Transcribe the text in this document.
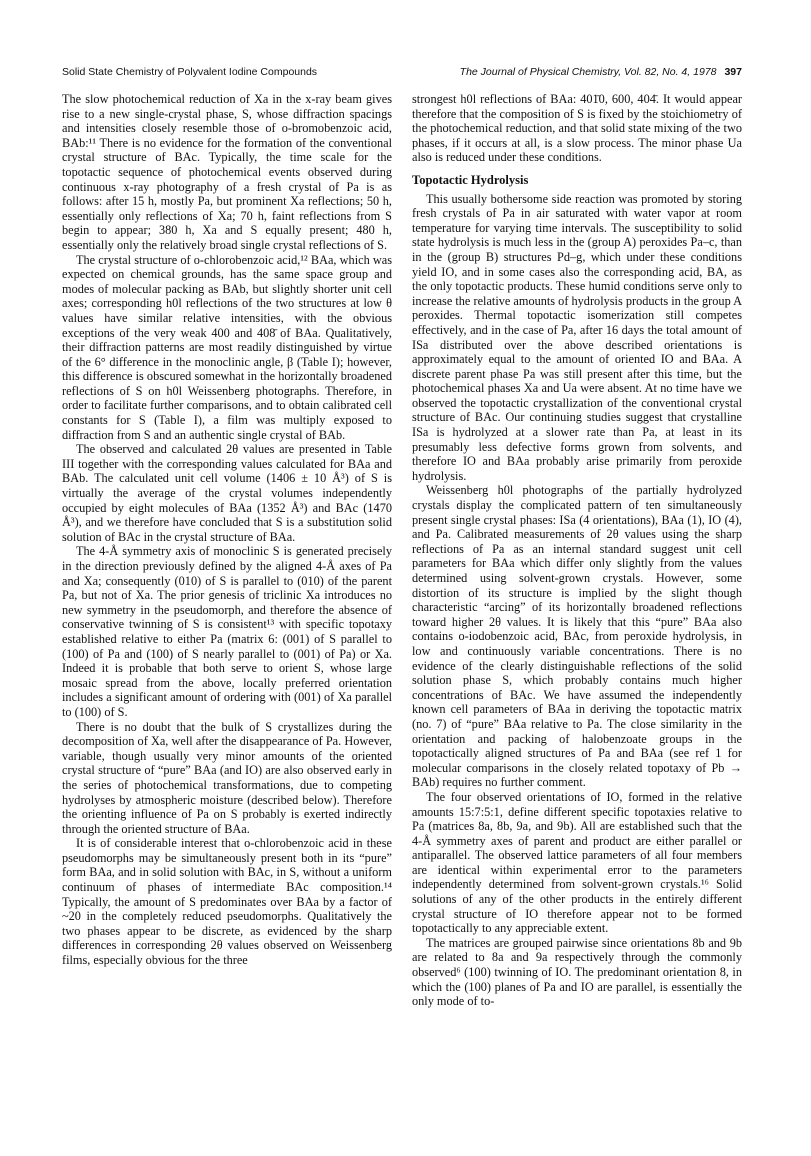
Solid State Chemistry of Polyvalent Iodine Compounds	The Journal of Physical Chemistry, Vol. 82, No. 4, 1978 397

The slow photochemical reduction of Xa in the x-ray beam gives rise to a new single-crystal phase, S, whose diffraction spacings and intensities closely resemble those of o-bromobenzoic acid, BAb:¹¹ There is no evidence for the formation of the conventional crystal structure of BAc. Typically, the time scale for the topotactic sequence of photochemical events observed during continuous x-ray photography of a fresh crystal of Pa is as follows: after 15 h, mostly Pa, but prominent Xa reflections; 50 h, essentially only reflections of Xa; 70 h, faint reflections from S begin to appear; 380 h, Xa and S equally present; 480 h, essentially only the relatively broad single crystal reflections of S.

The crystal structure of o-chlorobenzoic acid,¹² BAa, which was expected on chemical grounds, has the same space group and modes of molecular packing as BAb, but slightly shorter unit cell axes; corresponding h0l reflections of the two structures at low θ values have similar relative intensities, with the obvious exceptions of the very weak 400 and 408̄ of BAa. Qualitatively, their diffraction patterns are most readily distinguished by virtue of the 6° difference in the monoclinic angle, β (Table I); however, this difference is obscured somewhat in the horizontally broadened reflections of S on h0l Weissenberg photographs. Therefore, in order to facilitate further comparisons, and to obtain calibrated cell constants for S (Table I), a film was multiply exposed to diffraction from S and an authentic single crystal of BAb.

The observed and calculated 2θ values are presented in Table III together with the corresponding values calculated for BAa and BAb. The calculated unit cell volume (1406 ± 10 Å³) of S is virtually the average of the crystal volumes independently occupied by eight molecules of BAa (1352 Å³) and BAc (1470 Å³), and we therefore have concluded that S is a substitution solid solution of BAc in the crystal structure of BAa.

The 4-Å symmetry axis of monoclinic S is generated precisely in the direction previously defined by the aligned 4-Å axes of Pa and Xa; consequently (010) of S is parallel to (010) of the parent Pa, but not of Xa. The prior genesis of triclinic Xa introduces no new symmetry in the pseudomorph, and therefore the absence of conservative twinning of S is consistent¹³ with specific topotaxy established relative to either Pa (matrix 6: (001) of S parallel to (100) of Pa and (100) of S nearly parallel to (001) of Pa) or Xa. Indeed it is probable that both serve to orient S, whose large mosaic spread from the above, locally preferred orientation includes a significant amount of ordering with (001) of Xa parallel to (100) of S.

There is no doubt that the bulk of S crystallizes during the decomposition of Xa, well after the disappearance of Pa. However, variable, though usually very minor amounts of the oriented crystal structure of “pure” BAa (and IO) are also observed early in the series of photochemical transformations, due to competing hydrolyses by atmospheric moisture (described below). Therefore the orienting influence of Pa on S probably is exerted indirectly through the oriented structure of BAa.

It is of considerable interest that o-chlorobenzoic acid in these pseudomorphs may be simultaneously present both in its “pure” form BAa, and in solid solution with BAc, in S, without a uniform continuum of phases of intermediate BAc composition.¹⁴ Typically, the amount of S predominates over BAa by a factor of ~20 in the completely reduced pseudomorphs. Qualitatively the two phases appear to be discrete, as evidenced by the sharp differences in corresponding 2θ values observed on Weissenberg films, especially obvious for the three

strongest h0l reflections of BAa: 401̄0, 600, 404̄. It would appear therefore that the composition of S is fixed by the stoichiometry of the photochemical reduction, and that solid state mixing of the two phases, if it occurs at all, is a slow process. The minor phase Ua also is reduced under these conditions.

Topotactic Hydrolysis

This usually bothersome side reaction was promoted by storing fresh crystals of Pa in air saturated with water vapor at room temperature for varying time intervals. The susceptibility to solid state hydrolysis is much less in the (group A) peroxides Pa–c, than in the (group B) structures Pd–g, which under these conditions yield IO, and in some cases also the corresponding acid, BA, as the only topotactic products. These humid conditions serve only to increase the relative amounts of hydrolysis products in the group A peroxides. Thermal topotactic isomerization still competes effectively, and in the case of Pa, after 16 days the total amount of ISa distributed over the above described orientations is approximately equal to the amount of oriented IO and BAa. A discrete parent phase Pa was still present after this time, but the photochemical phases Xa and Ua were absent. At no time have we observed the topotactic crystallization of the conventional crystal structure of BAc. Our continuing studies suggest that crystalline ISa is hydrolyzed at a slower rate than Pa, at least in its presumably less defective forms grown from solvents, and therefore IO and BAa probably arise primarily from peroxide hydrolysis.

Weissenberg h0l photographs of the partially hydrolyzed crystals display the complicated pattern of ten simultaneously present single crystal phases: ISa (4 orientations), BAa (1), IO (4), and Pa. Calibrated measurements of 2θ values using the sharp reflections of Pa as an internal standard suggest unit cell parameters for BAa which differ only slightly from the values determined using solvent-grown crystals. However, some distortion of its structure is implied by the slight though characteristic “arcing” of its horizontally broadened reflections toward higher 2θ values. It is likely that this “pure” BAa also contains o-iodobenzoic acid, BAc, from peroxide hydrolysis, in low and continuously variable concentrations. There is no evidence of the clearly distinguishable reflections of the solid solution phase S, which probably contains much higher concentrations of BAc. We have assumed the independently known cell parameters of BAa in deriving the topotactic matrix (no. 7) of “pure” BAa relative to Pa. The close similarity in the orientation and packing of halobenzoate groups in the topotactically aligned structures of Pa and BAa (see ref 1 for molecular comparisons in the closely related topotaxy of Pb → BAb) requires no further comment.

The four observed orientations of IO, formed in the relative amounts 15:7:5:1, define different specific topotaxies relative to Pa (matrices 8a, 8b, 9a, and 9b). All are established such that the 4-Å symmetry axes of parent and product are either parallel or antiparallel. The observed lattice parameters of all four members are identical within experimental error to the parameters independently determined from solvent-grown crystals.¹⁶ Solid solutions of any of the other products in the entirely different crystal structure of IO therefore appear not to be formed topotactically to any appreciable extent.

The matrices are grouped pairwise since orientations 8b and 9b are related to 8a and 9a respectively through the commonly observed⁶ (100) twinning of IO. The predominant orientation 8, in which the (100) planes of Pa and IO are parallel, is essentially the only mode of to-
